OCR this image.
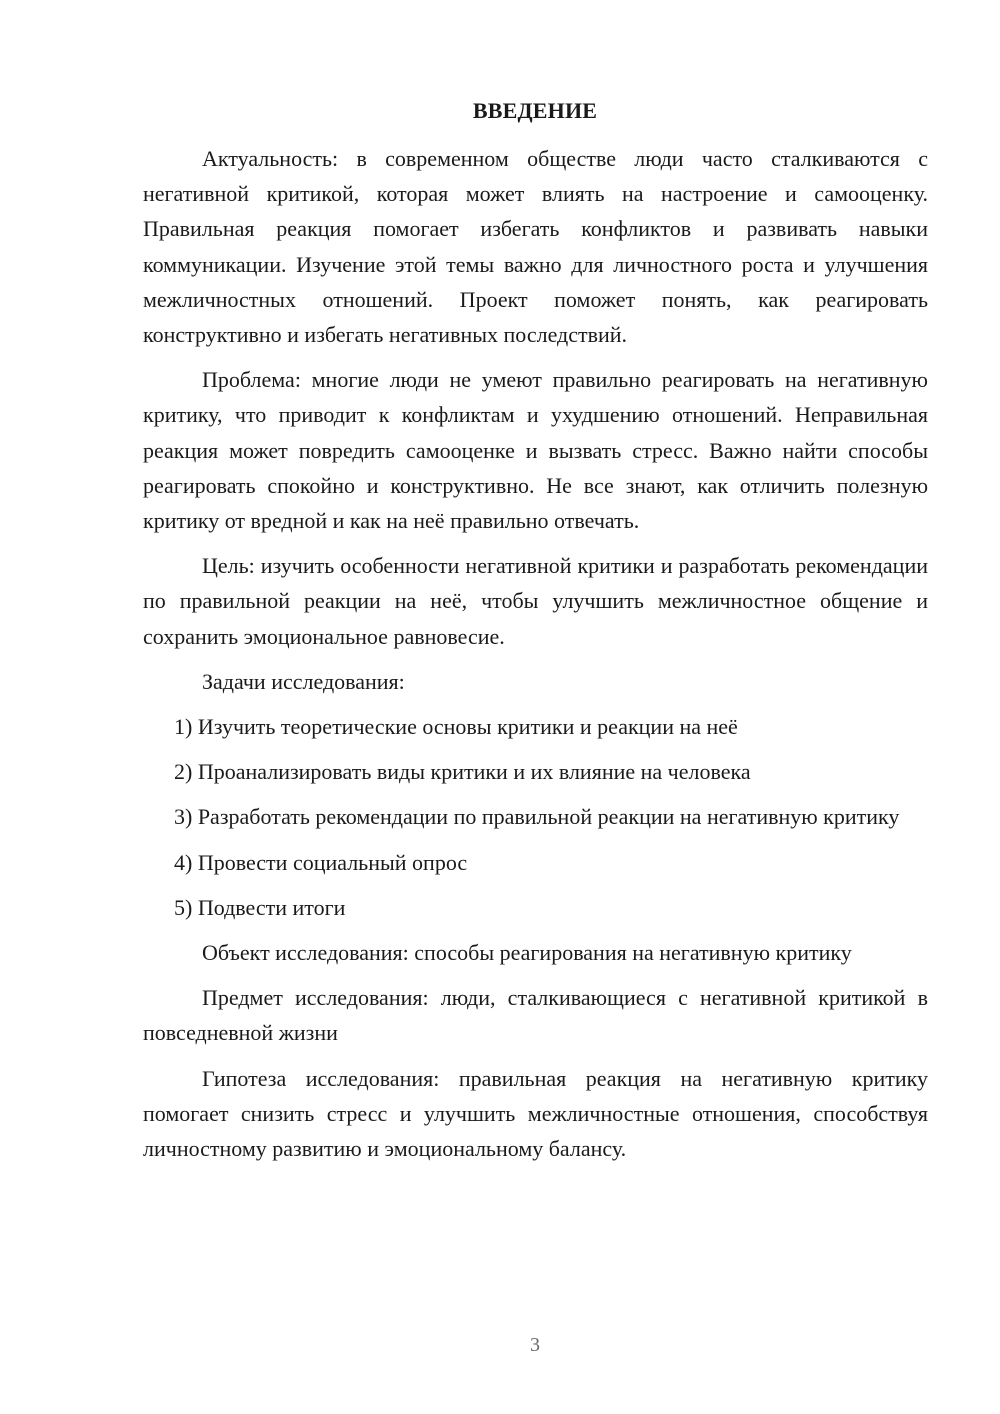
ВВЕДЕНИЕ

Актуальность: в современном обществе люди часто сталкиваются с негативной критикой, которая может влиять на настроение и самооценку. Правильная реакция помогает избегать конфликтов и развивать навыки коммуникации. Изучение этой темы важно для личностного роста и улучшения межличностных отношений. Проект поможет понять, как реагировать конструктивно и избегать негативных последствий.

Проблема: многие люди не умеют правильно реагировать на негативную критику, что приводит к конфликтам и ухудшению отношений. Неправильная реакция может повредить самооценке и вызвать стресс. Важно найти способы реагировать спокойно и конструктивно. Не все знают, как отличить полезную критику от вредной и как на неё правильно отвечать.

Цель: изучить особенности негативной критики и разработать рекомендации по правильной реакции на неё, чтобы улучшить межличностное общение и сохранить эмоциональное равновесие.

Задачи исследования:

1) Изучить теоретические основы критики и реакции на неё

2) Проанализировать виды критики и их влияние на человека

3) Разработать рекомендации по правильной реакции на негативную критику

4) Провести социальный опрос

5) Подвести итоги

Объект исследования: способы реагирования на негативную критику

Предмет исследования: люди, сталкивающиеся с негативной критикой в повседневной жизни

Гипотеза исследования: правильная реакция на негативную критику помогает снизить стресс и улучшить межличностные отношения, способствуя личностному развитию и эмоциональному балансу.

3
